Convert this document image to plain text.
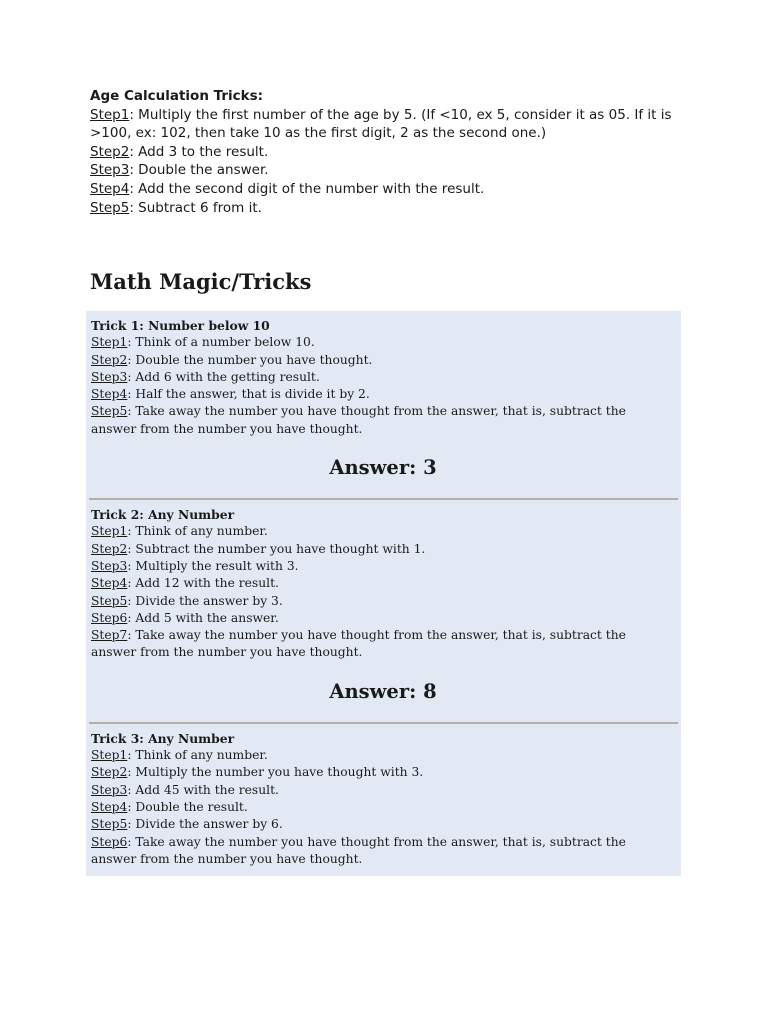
Age Calculation Tricks:

Step1: Multiply the first number of the age by 5. (If <10, ex 5, consider it as 05. If it is >100, ex: 102, then take 10 as the first digit, 2 as the second one.)

Step2: Add 3 to the result.

Step3: Double the answer.

Step4: Add the second digit of the number with the result.

Step5: Subtract 6 from it.

Math Magic/Tricks
Trick 1: Number below 10

Step1: Think of a number below 10.

Step2: Double the number you have thought.

Step3: Add 6 with the getting result.

Step4: Half the answer, that is divide it by 2.

Step5: Take away the number you have thought from the answer, that is, subtract the answer from the number you have thought.

Answer: 3
Trick 2: Any Number

Step1: Think of any number.

Step2: Subtract the number you have thought with 1.

Step3: Multiply the result with 3.

Step4: Add 12 with the result.

Step5: Divide the answer by 3.

Step6: Add 5 with the answer.

Step7: Take away the number you have thought from the answer, that is, subtract the answer from the number you have thought.

Answer: 8
Trick 3: Any Number

Step1: Think of any number.

Step2: Multiply the number you have thought with 3.

Step3: Add 45 with the result.

Step4: Double the result.

Step5: Divide the answer by 6.

Step6: Take away the number you have thought from the answer, that is, subtract the answer from the number you have thought.
